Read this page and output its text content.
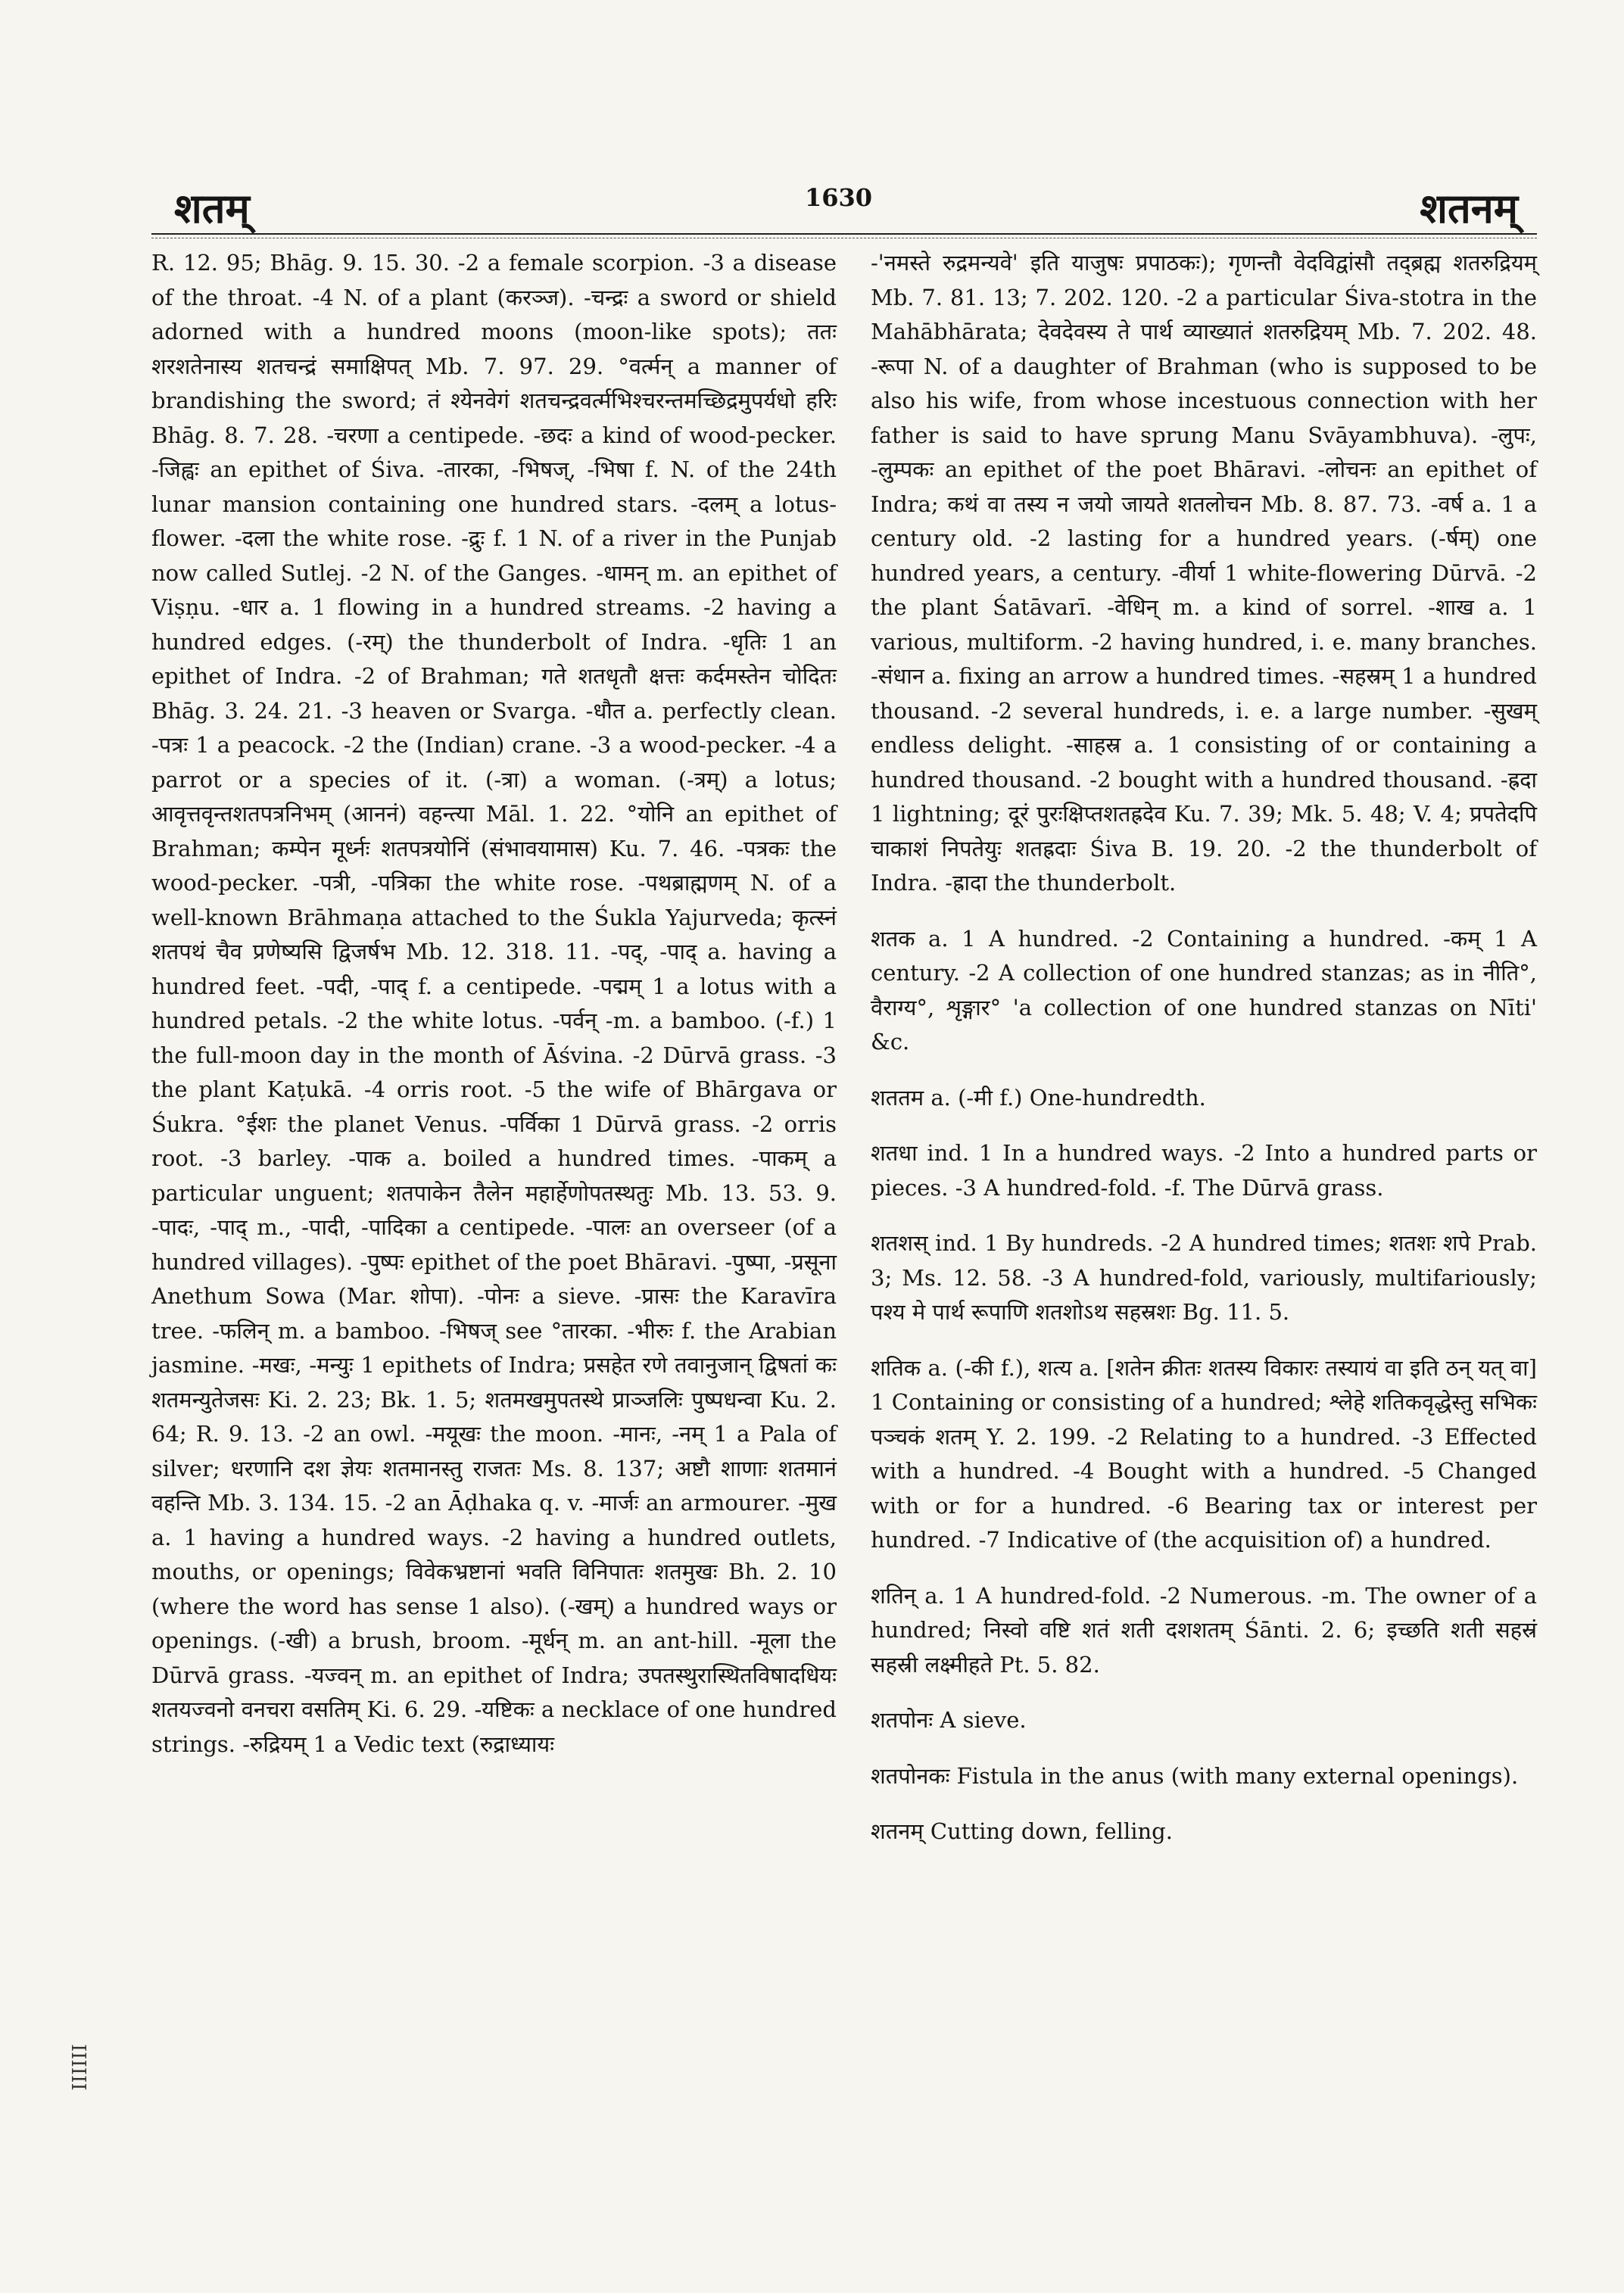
शतम्	1630	शतनम्

R. 12. 95; Bhāg. 9. 15. 30. -2 a female scorpion. -3 a disease of the throat. -4 N. of a plant (करञ्ज). -चन्द्रः a sword or shield adorned with a hundred moons (moon-like spots); ततः शरशतेनास्य शतचन्द्रं समाक्षिपत् Mb. 7. 97. 29. °वर्त्मन् a manner of brandishing the sword; तं श्येनवेगं शतचन्द्रवर्त्मभिश्चरन्तमच्छिद्रमुपर्यधो हरिः Bhāg. 8. 7. 28. -चरणा a centipede. -छदः a kind of wood-pecker. -जिह्वः an epithet of Śiva. -तारका, -भिषज्, -भिषा f. N. of the 24th lunar mansion containing one hundred stars. -दलम् a lotus-flower. -दला the white rose. -द्रुः f. 1 N. of a river in the Punjab now called Sutlej. -2 N. of the Ganges. -धामन् m. an epithet of Viṣṇu. -धार a. 1 flowing in a hundred streams. -2 having a hundred edges. (-रम्) the thunderbolt of Indra. -धृतिः 1 an epithet of Indra. -2 of Brahman; गते शतधृतौ क्षत्तः कर्दमस्तेन चोदितः Bhāg. 3. 24. 21. -3 heaven or Svarga. -धौत a. perfectly clean. -पत्रः 1 a peacock. -2 the (Indian) crane. -3 a wood-pecker. -4 a parrot or a species of it. (-त्रा) a woman. (-त्रम्) a lotus; आवृत्तवृन्तशतपत्रनिभम् (आननं) वहन्त्या Māl. 1. 22. °योनि an epithet of Brahman; कम्पेन मूर्ध्नः शतपत्रयोनिं (संभावयामास) Ku. 7. 46. -पत्रकः the wood-pecker. -पत्री, -पत्रिका the white rose. -पथब्राह्मणम् N. of a well-known Brāhmaṇa attached to the Śukla Yajurveda; कृत्स्नं शतपथं चैव प्रणेष्यसि द्विजर्षभ Mb. 12. 318. 11. -पद्, -पाद् a. having a hundred feet. -पदी, -पाद् f. a centipede. -पद्मम् 1 a lotus with a hundred petals. -2 the white lotus. -पर्वन् -m. a bamboo. (-f.) 1 the full-moon day in the month of Āśvina. -2 Dūrvā grass. -3 the plant Kaṭukā. -4 orris root. -5 the wife of Bhārgava or Śukra. °ईशः the planet Venus. -पर्विका 1 Dūrvā grass. -2 orris root. -3 barley. -पाक a. boiled a hundred times. -पाकम् a particular unguent; शतपाकेन तैलेन महार्हेणोपतस्थतुः Mb. 13. 53. 9. -पादः, -पाद् m., -पादी, -पादिका a centipede. -पालः an overseer (of a hundred villages). -पुष्पः epithet of the poet Bhāravi. -पुष्पा, -प्रसूना Anethum Sowa (Mar. शोपा). -पोनः a sieve. -प्रासः the Karavīra tree. -फलिन् m. a bamboo. -भिषज् see °तारका. -भीरुः f. the Arabian jasmine. -मखः, -मन्युः 1 epithets of Indra; प्रसहेत रणे तवानुजान् द्विषतां कः शतमन्युतेजसः Ki. 2. 23; Bk. 1. 5; शतमखमुपतस्थे प्राञ्जलिः पुष्पधन्वा Ku. 2. 64; R. 9. 13. -2 an owl. -मयूखः the moon. -मानः, -नम् 1 a Pala of silver; धरणानि दश ज्ञेयः शतमानस्तु राजतः Ms. 8. 137; अष्टौ शाणाः शतमानं वहन्ति Mb. 3. 134. 15. -2 an Āḍhaka q. v. -मार्जः an armourer. -मुख a. 1 having a hundred ways. -2 having a hundred outlets, mouths, or openings; विवेकभ्रष्टानां भवति विनिपातः शतमुखः Bh. 2. 10 (where the word has sense 1 also). (-खम्) a hundred ways or openings. (-खी) a brush, broom. -मूर्धन् m. an ant-hill. -मूला the Dūrvā grass. -यज्वन् m. an epithet of Indra; उपतस्थुरास्थितविषादधियः शतयज्वनो वनचरा वसतिम् Ki. 6. 29. -यष्टिकः a necklace of one hundred strings. -रुद्रियम् 1 a Vedic text (रुद्राध्यायः

-'नमस्ते रुद्रमन्यवे' इति याजुषः प्रपाठकः); गृणन्तौ वेदविद्वांसौ तद्ब्रह्म शतरुद्रियम् Mb. 7. 81. 13; 7. 202. 120. -2 a particular Śiva-stotra in the Mahābhārata; देवदेवस्य ते पार्थ व्याख्यातं शतरुद्रियम् Mb. 7. 202. 48. -रूपा N. of a daughter of Brahman (who is supposed to be also his wife, from whose incestuous connection with her father is said to have sprung Manu Svāyambhuva). -लुपः, -लुम्पकः an epithet of the poet Bhāravi. -लोचनः an epithet of Indra; कथं वा तस्य न जयो जायते शतलोचन Mb. 8. 87. 73. -वर्ष a. 1 a century old. -2 lasting for a hundred years. (-र्षम्) one hundred years, a century. -वीर्या 1 white-flowering Dūrvā. -2 the plant Śatāvarī. -वेधिन् m. a kind of sorrel. -शाख a. 1 various, multiform. -2 having hundred, i. e. many branches. -संधान a. fixing an arrow a hundred times. -सहस्रम् 1 a hundred thousand. -2 several hundreds, i. e. a large number. -सुखम् endless delight. -साहस्र a. 1 consisting of or containing a hundred thousand. -2 bought with a hundred thousand. -ह्रदा 1 lightning; दूरं पुरःक्षिप्तशतह्रदेव Ku. 7. 39; Mk. 5. 48; V. 4; प्रपतेदपि चाकाशं निपतेयुः शतह्रदाः Śiva B. 19. 20. -2 the thunderbolt of Indra. -ह्रादा the thunderbolt.

शतक a. 1 A hundred. -2 Containing a hundred. -कम् 1 A century. -2 A collection of one hundred stanzas; as in नीति°, वैराग्य°, शृङ्गार° 'a collection of one hundred stanzas on Nīti' &c.

शततम a. (-मी f.) One-hundredth.

शतधा ind. 1 In a hundred ways. -2 Into a hundred parts or pieces. -3 A hundred-fold. -f. The Dūrvā grass.

शतशस् ind. 1 By hundreds. -2 A hundred times; शतशः शपे Prab. 3; Ms. 12. 58. -3 A hundred-fold, variously, multifariously; पश्य मे पार्थ रूपाणि शतशोऽथ सहस्रशः Bg. 11. 5.

शतिक a. (-की f.), शत्य a. [शतेन क्रीतः शतस्य विकारः तस्यायं वा इति ठन् यत् वा] 1 Containing or consisting of a hundred; श्लेहे शतिकवृद्धेस्तु सभिकः पञ्चकं शतम् Y. 2. 199. -2 Relating to a hundred. -3 Effected with a hundred. -4 Bought with a hundred. -5 Changed with or for a hundred. -6 Bearing tax or interest per hundred. -7 Indicative of (the acquisition of) a hundred.

शतिन् a. 1 A hundred-fold. -2 Numerous. -m. The owner of a hundred; निस्वो वष्टि शतं शती दशशतम् Śānti. 2. 6; इच्छति शती सहस्रं सहस्री लक्ष्मीहते Pt. 5. 82.

शतपोनः A sieve.

शतपोनकः Fistula in the anus (with many external openings).

शतनम् Cutting down, felling.

IIIIII
